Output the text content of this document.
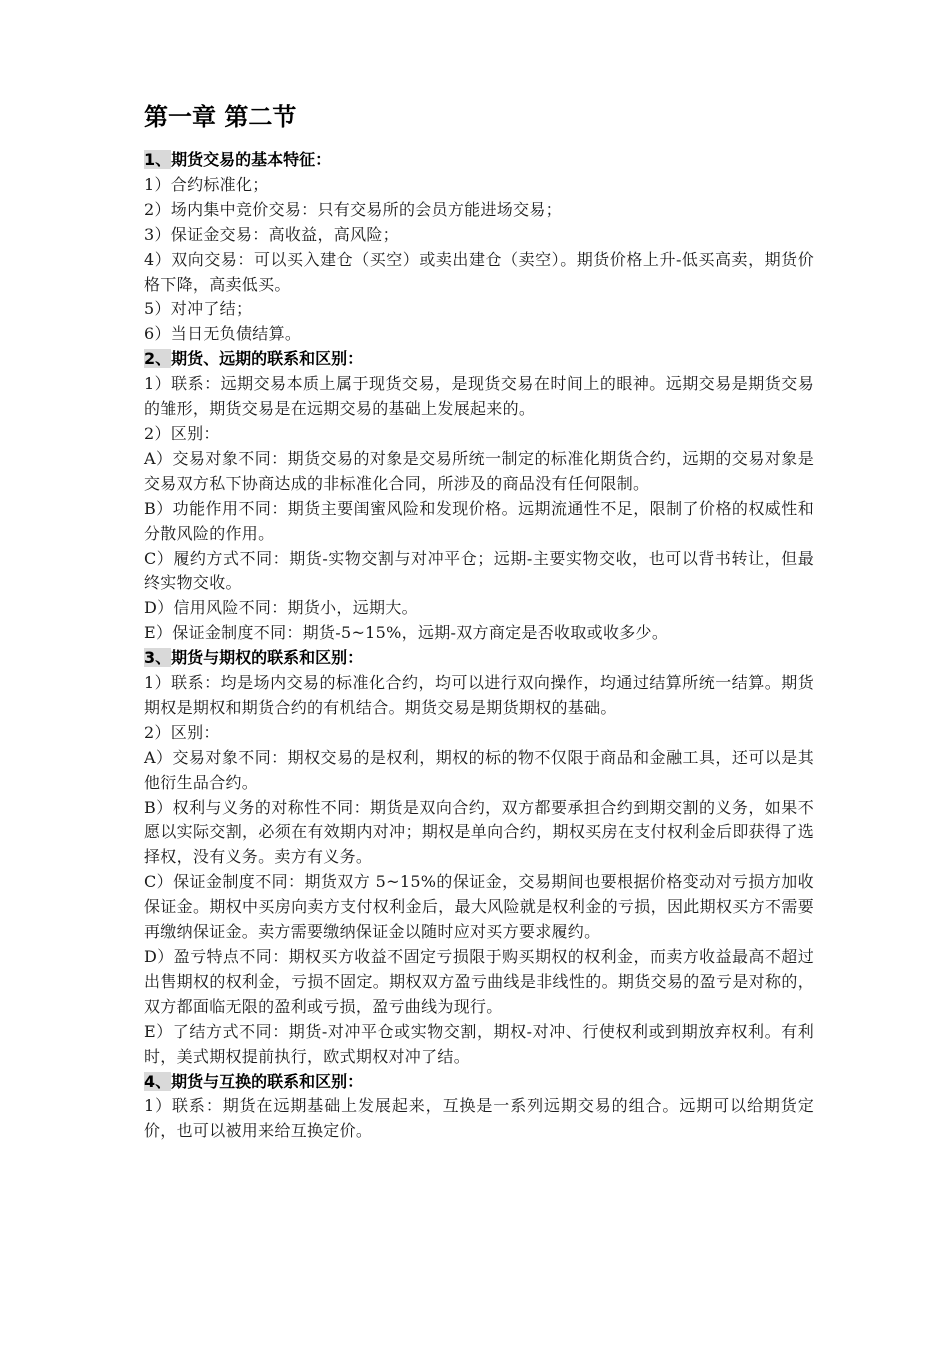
第一章 第二节
1、期货交易的基本特征：
1）合约标准化；
2）场内集中竞价交易：只有交易所的会员方能进场交易；
3）保证金交易：高收益，高风险；
4）双向交易：可以买入建仓（买空）或卖出建仓（卖空）。期货价格上升-低买高卖，期货价格下降，高卖低买。
5）对冲了结；
6）当日无负债结算。
2、期货、远期的联系和区别：
1）联系：远期交易本质上属于现货交易，是现货交易在时间上的眼神。远期交易是期货交易的雏形，期货交易是在远期交易的基础上发展起来的。
2）区别：
A）交易对象不同：期货交易的对象是交易所统一制定的标准化期货合约，远期的交易对象是交易双方私下协商达成的非标准化合同，所涉及的商品没有任何限制。
B）功能作用不同：期货主要闺蜜风险和发现价格。远期流通性不足，限制了价格的权威性和分散风险的作用。
C）履约方式不同：期货-实物交割与对冲平仓；远期-主要实物交收，也可以背书转让，但最终实物交收。
D）信用风险不同：期货小，远期大。
E）保证金制度不同：期货-5~15%，远期-双方商定是否收取或收多少。
3、期货与期权的联系和区别：
1）联系：均是场内交易的标准化合约，均可以进行双向操作，均通过结算所统一结算。期货期权是期权和期货合约的有机结合。期货交易是期货期权的基础。
2）区别：
A）交易对象不同：期权交易的是权利，期权的标的物不仅限于商品和金融工具，还可以是其他衍生品合约。
B）权利与义务的对称性不同：期货是双向合约，双方都要承担合约到期交割的义务，如果不愿以实际交割，必须在有效期内对冲；期权是单向合约，期权买房在支付权利金后即获得了选择权，没有义务。卖方有义务。
C）保证金制度不同：期货双方 5~15%的保证金，交易期间也要根据价格变动对亏损方加收保证金。期权中买房向卖方支付权利金后，最大风险就是权利金的亏损，因此期权买方不需要再缴纳保证金。卖方需要缴纳保证金以随时应对买方要求履约。
D）盈亏特点不同：期权买方收益不固定亏损限于购买期权的权利金，而卖方收益最高不超过出售期权的权利金，亏损不固定。期权双方盈亏曲线是非线性的。期货交易的盈亏是对称的，双方都面临无限的盈利或亏损，盈亏曲线为现行。
E）了结方式不同：期货-对冲平仓或实物交割，期权-对冲、行使权利或到期放弃权利。有利时，美式期权提前执行，欧式期权对冲了结。
4、期货与互换的联系和区别：
1）联系：期货在远期基础上发展起来，互换是一系列远期交易的组合。远期可以给期货定价，也可以被用来给互换定价。
